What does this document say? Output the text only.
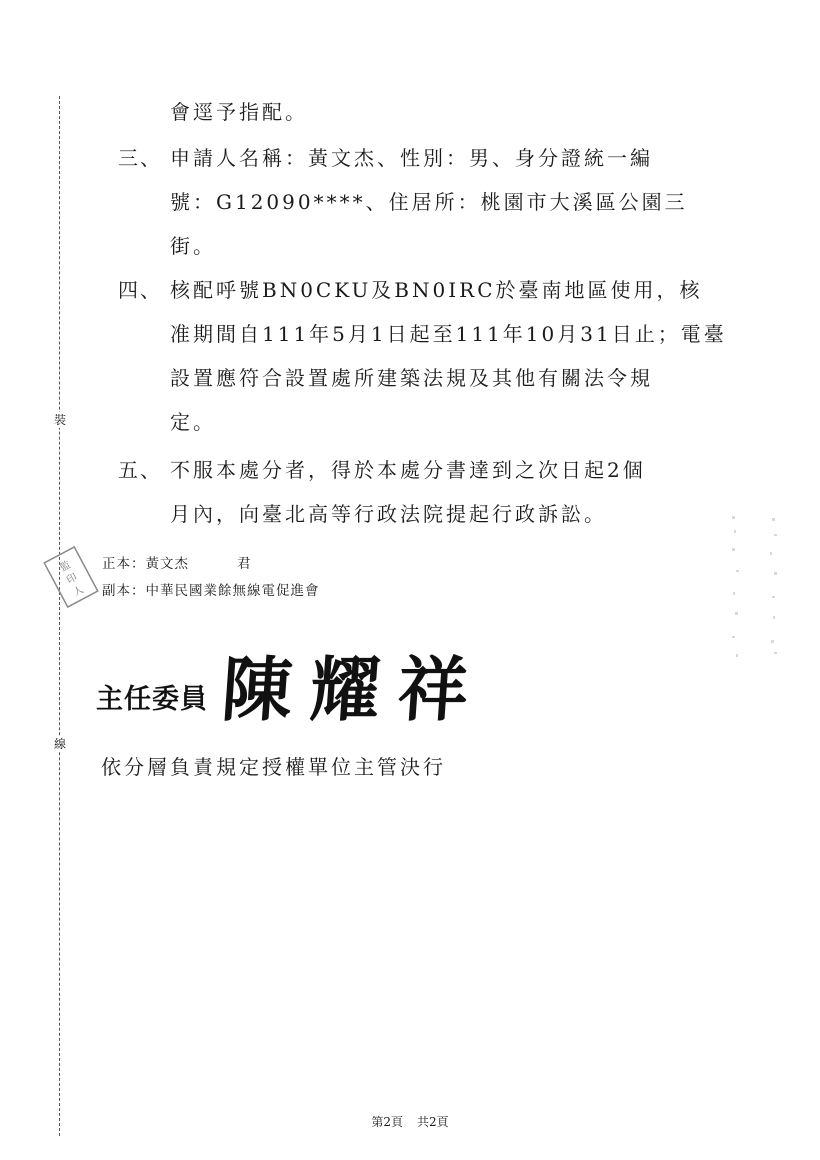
裝
線
會逕予指配。
三、 申請人名稱：黃文杰、性別：男、身分證統一編
號：G12090****、住居所：桃園市大溪區公園三
街。
四、 核配呼號BN0CKU及BN0IRC於臺南地區使用，核
准期間自111年5月1日起至111年10月31日止；電臺
設置應符合設置處所建築法規及其他有關法令規
定。
五、 不服本處分者，得於本處分書達到之次日起2個
月內，向臺北高等行政法院提起行政訴訟。
監
印
人
正本：黃文杰	君
副本：中華民國業餘無線電促進會
主任委員 陳耀祥
依分層負責規定授權單位主管決行
第2頁 共2頁
